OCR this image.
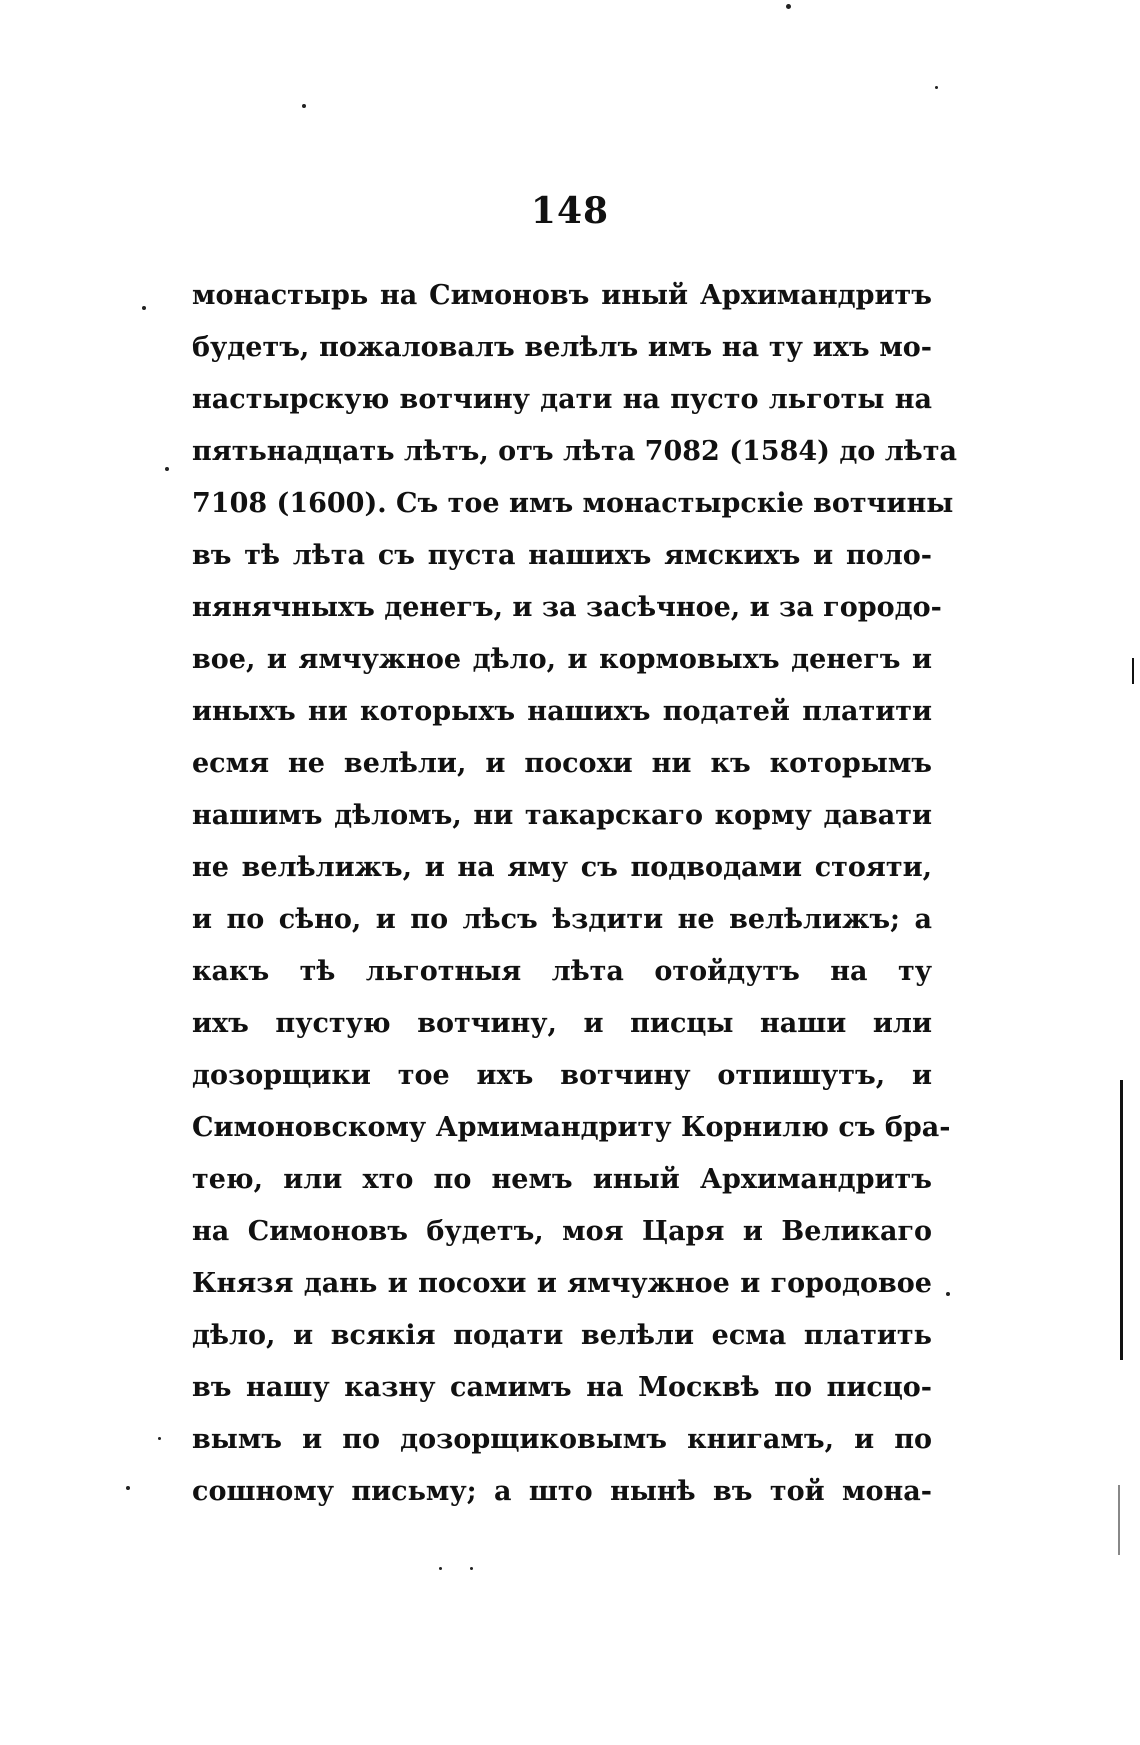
148
монастырь на Симоновъ иный Архимандритъ
будетъ, пожаловалъ велѣлъ имъ на ту ихъ мо-
настырскую вотчину дати на пусто льготы на
пятьнадцать лѣтъ, отъ лѣта 7082 (1584) до лѣта
7108 (1600). Съ тое имъ монастырскіе вотчины
въ тѣ лѣта съ пуста нашихъ ямскихъ и поло-
нянячныхъ денегъ, и за засѣчное, и за городо-
вое, и ямчужное дѣло, и кормовыхъ денегъ и
иныхъ ни которыхъ нашихъ податей платити
есмя не велѣли, и посохи ни къ которымъ
нашимъ дѣломъ, ни такарскаго корму давати
не велѣлижъ, и на яму съ подводами стояти,
и по сѣно, и по лѣсъ ѣздити не велѣлижъ; а
какъ тѣ льготныя лѣта отойдутъ на ту
ихъ пустую вотчину, и писцы наши или
дозорщики тое ихъ вотчину отпишутъ, и
Симоновскому Армимандриту Корнилю съ бра-
тею, или хто по немъ иный Архимандритъ
на Симоновъ будетъ, моя Царя и Великаго
Князя дань и посохи и ямчужное и городовое
дѣло, и всякія подати велѣли есма платить
въ нашу казну самимъ на Москвѣ по писцо-
вымъ и по дозорщиковымъ книгамъ, и по
сошному письму; а што нынѣ въ той мона-
